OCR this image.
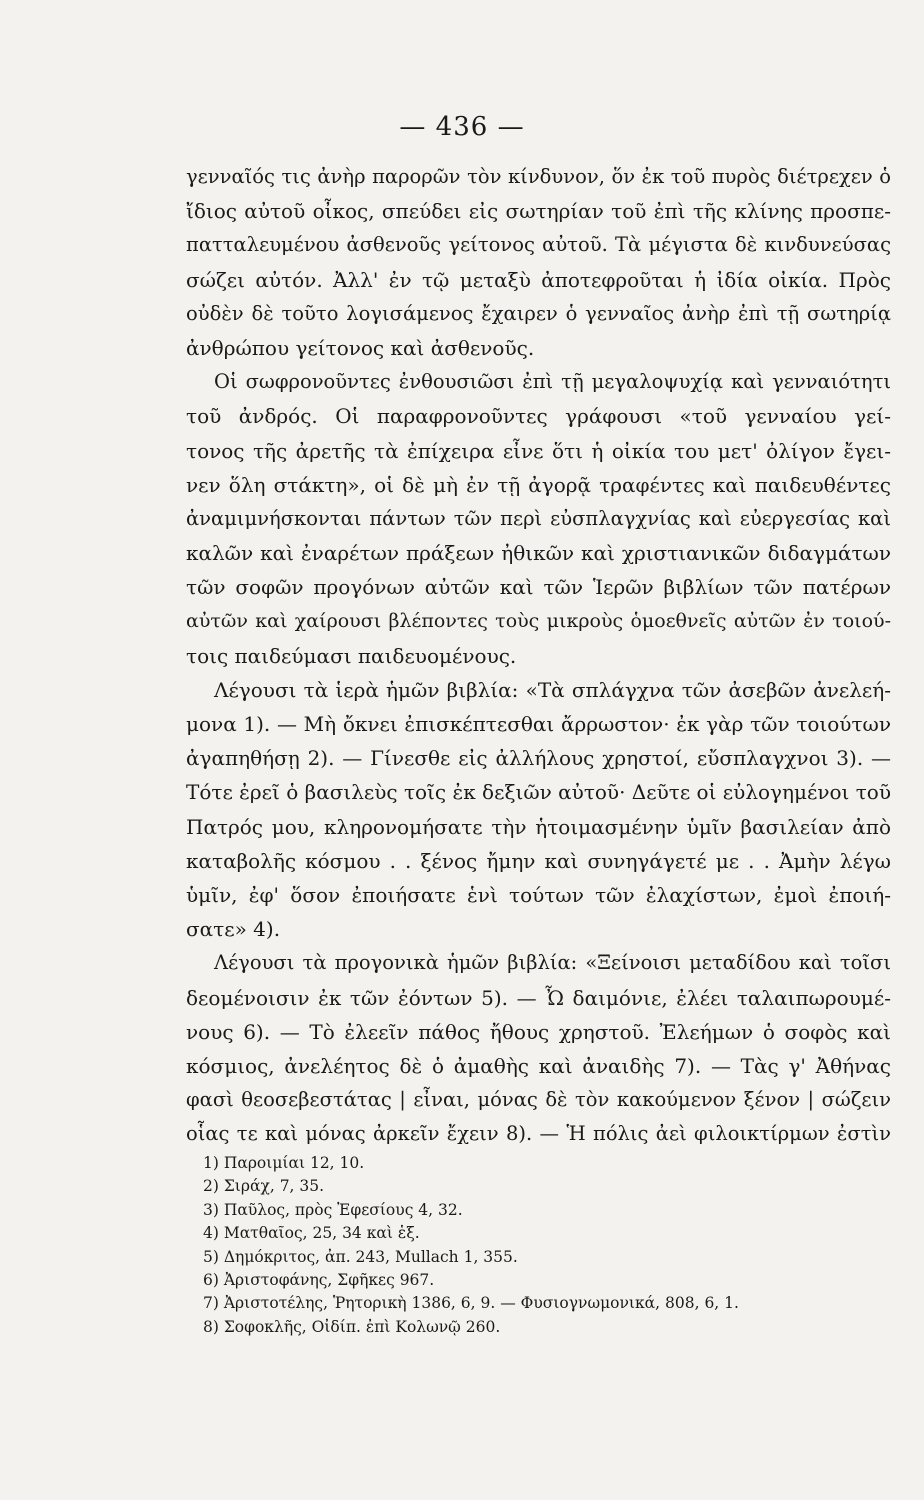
— 436 —
γενναῖός τις ἀνὴρ παρορῶν τὸν κίνδυνον, ὅν ἐκ τοῦ πυρὸς διέτρεχεν ὁ
ἴδιος αὐτοῦ οἶκος, σπεύδει εἰς σωτηρίαν τοῦ ἐπὶ τῆς κλίνης προσπε-
πατταλευμένου ἀσθενοῦς γείτονος αὐτοῦ. Τὰ μέγιστα δὲ κινδυνεύσας
σώζει αὐτόν. Ἀλλ' ἐν τῷ μεταξὺ ἀποτεφροῦται ἡ ἰδία οἰκία. Πρὸς
οὐδὲν δὲ τοῦτο λογισάμενος ἔχαιρεν ὁ γενναῖος ἀνὴρ ἐπὶ τῇ σωτηρίᾳ
ἀνθρώπου γείτονος καὶ ἀσθενοῦς.
Οἱ σωφρονοῦντες ἐνθουσιῶσι ἐπὶ τῇ μεγαλοψυχίᾳ καὶ γενναιότητι
τοῦ ἀνδρός. Οἱ παραφρονοῦντες γράφουσι «τοῦ γενναίου γεί-
τονος τῆς ἀρετῆς τὰ ἐπίχειρα εἶνε ὅτι ἡ οἰκία του μετ' ὀλίγον ἔγει-
νεν ὅλη στάκτη», οἱ δὲ μὴ ἐν τῇ ἀγορᾷ τραφέντες καὶ παιδευθέντες
ἀναμιμνήσκονται πάντων τῶν περὶ εὐσπλαγχνίας καὶ εὐεργεσίας καὶ
καλῶν καὶ ἐναρέτων πράξεων ἠθικῶν καὶ χριστιανικῶν διδαγμάτων
τῶν σοφῶν προγόνων αὐτῶν καὶ τῶν Ἱερῶν βιβλίων τῶν πατέρων
αὐτῶν καὶ χαίρουσι βλέποντες τοὺς μικροὺς ὁμοεθνεῖς αὐτῶν ἐν τοιού-
τοις παιδεύμασι παιδευομένους.
Λέγουσι τὰ ἱερὰ ἡμῶν βιβλία: «Τὰ σπλάγχνα τῶν ἀσεβῶν ἀνελεή-
μονα 1). — Μὴ ὄκνει ἐπισκέπτεσθαι ἄρρωστον· ἐκ γὰρ τῶν τοιούτων
ἀγαπηθήσῃ 2). — Γίνεσθε εἰς ἀλλήλους χρηστοί, εὔσπλαγχνοι 3). —
Τότε ἐρεῖ ὁ βασιλεὺς τοῖς ἐκ δεξιῶν αὐτοῦ· Δεῦτε οἱ εὐλογημένοι τοῦ
Πατρός μου, κληρονομήσατε τὴν ἡτοιμασμένην ὑμῖν βασιλείαν ἀπὸ
καταβολῆς κόσμου . . ξένος ἤμην καὶ συνηγάγετέ με . . Ἀμὴν λέγω
ὑμῖν, ἐφ' ὅσον ἐποιήσατε ἑνὶ τούτων τῶν ἐλαχίστων, ἐμοὶ ἐποιή-
σατε» 4).
Λέγουσι τὰ προγονικὰ ἡμῶν βιβλία: «Ξείνοισι μεταδίδου καὶ τοῖσι
δεομένοισιν ἐκ τῶν ἐόντων 5). — Ὦ δαιμόνιε, ἐλέει ταλαιπωρουμέ-
νους 6). — Τὸ ἐλεεῖν πάθος ἤθους χρηστοῦ. Ἐλεήμων ὁ σοφὸς καὶ
κόσμιος, ἀνελέητος δὲ ὁ ἀμαθὴς καὶ ἀναιδὴς 7). — Τὰς γ' Ἀθήνας
φασὶ θεοσεβεστάτας | εἶναι, μόνας δὲ τὸν κακούμενον ξένον | σώζειν
οἷας τε καὶ μόνας ἀρκεῖν ἔχειν 8). — Ἡ πόλις ἀεὶ φιλοικτίρμων ἐστὶν
1) Παροιμίαι 12, 10.
2) Σιράχ, 7, 35.
3) Παῦλος, πρὸς Ἐφεσίους 4, 32.
4) Ματθαῖος, 25, 34 καὶ ἑξ.
5) Δημόκριτος, ἀπ. 243, Mullach 1, 355.
6) Ἀριστοφάνης, Σφῆκες 967.
7) Ἀριστοτέλης, Ῥητορικὴ 1386, 6, 9. — Φυσιογνωμονικά, 808, 6, 1.
8) Σοφοκλῆς, Οἰδίπ. ἐπὶ Κολωνῷ 260.
